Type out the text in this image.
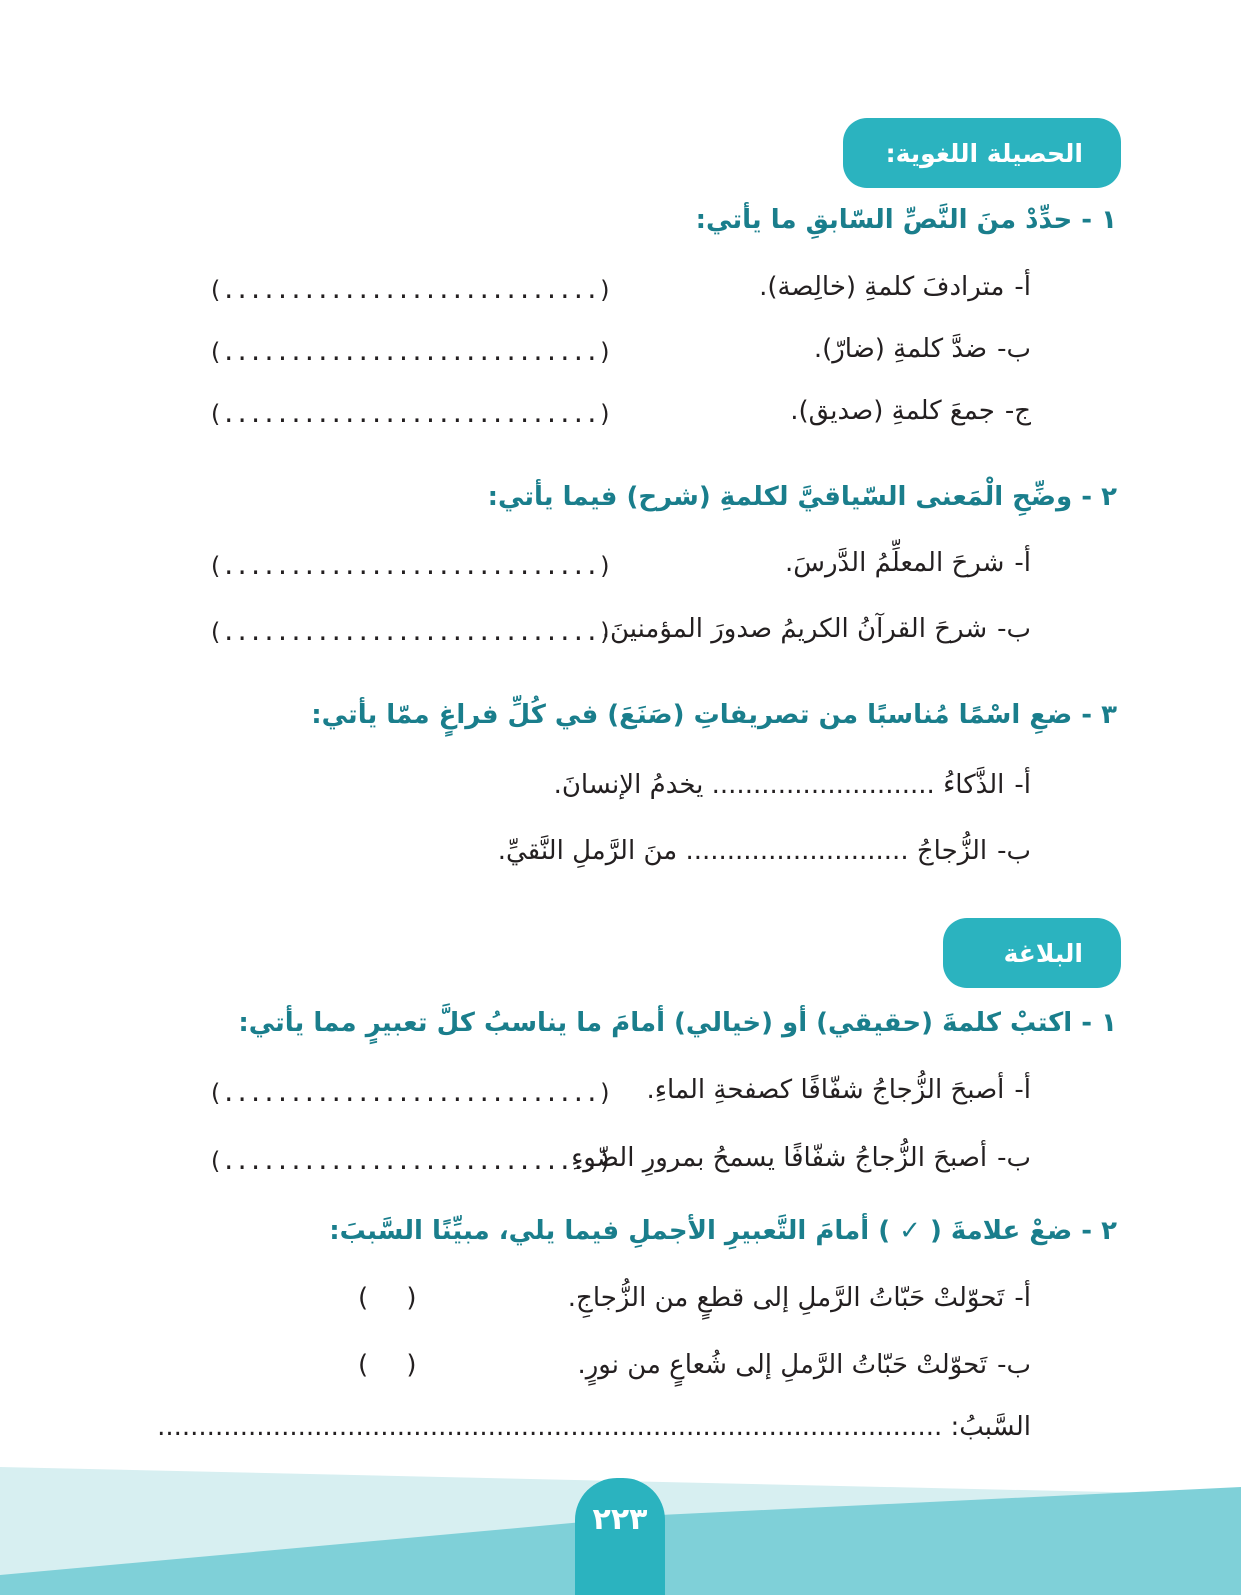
الحصيلة اللغوية:
١ - حدِّدْ منَ النَّصِّ السّابقِ ما يأتي:
أ-مترادفَ كلمةِ (خالِصة).
(............................)
ب-ضدَّ كلمةِ (ضارّ).
(............................)
ج-جمعَ كلمةِ (صديق).
(............................)
٢ - وضِّحِ الْمَعنى السّياقيَّ لكلمةِ (شرح) فيما يأتي:
أ-شرحَ المعلِّمُ الدَّرسَ.
(............................)
ب-شرحَ القرآنُ الكريمُ صدورَ المؤمنينَ.
(............................)
٣ - ضعِ اسْمًا مُناسبًا من تصريفاتِ (صَنَعَ) في كُلِّ فراغٍ ممّا يأتي:
أ-الذَّكاءُ ........................... يخدمُ الإنسانَ.
ب-الزُّجاجُ ........................... منَ الرَّملِ النَّقيِّ.
البلاغة
١ - اكتبْ كلمةَ (حقيقي) أو (خيالي) أمامَ ما يناسبُ كلَّ تعبيرٍ مما يأتي:
أ-أصبحَ الزُّجاجُ شفّافًا كصفحةِ الماءِ.
(............................)
ب-أصبحَ الزُّجاجُ شفّافًا يسمحُ بمرورِ الضّوءِ
(............................)
٢ - ضعْ علامةَ ( ✓ ) أمامَ التَّعبيرِ الأجملِ فيما يلي، مبيِّنًا السَّببَ:
أ-تَحوّلتْ حَبّاتُ الرَّملِ إلى قطعٍ من الزُّجاجِ.
( )
ب-تَحوّلتْ حَبّاتُ الرَّملِ إلى شُعاعٍ من نورٍ.
( )
السَّببُ: ...............................................................................................
٢٢٣
